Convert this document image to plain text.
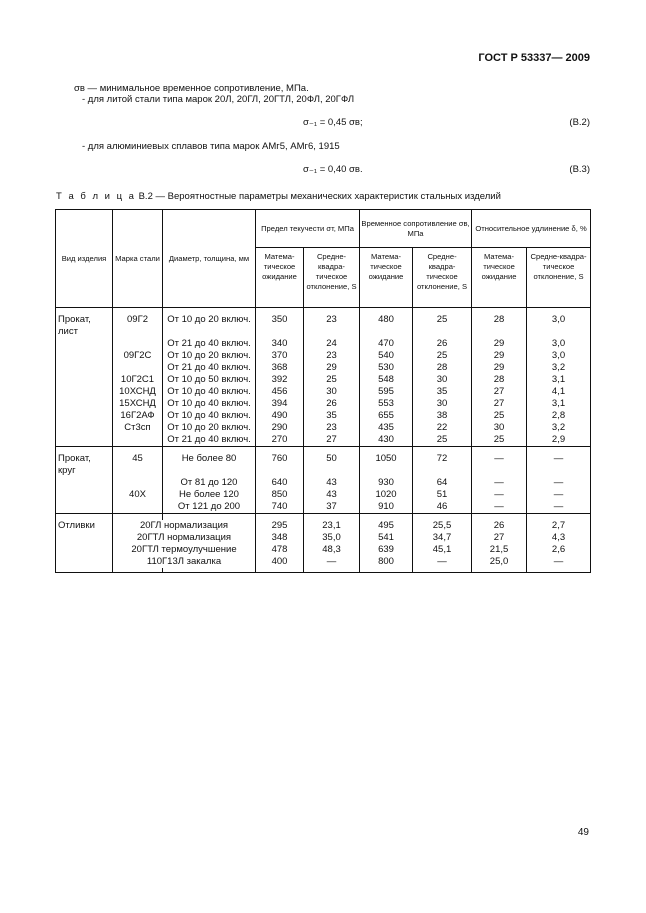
ГОСТ Р 53337— 2009
σв — минимальное временное сопротивление, МПа.
- для литой стали типа марок 20Л, 20ГЛ, 20ГТЛ, 20ФЛ, 20ГФЛ
σ₋₁ = 0,45 σв;	(B.2)
- для алюминиевых сплавов типа марок АМг5, АМг6, 1915
σ₋₁ = 0,40 σв.	(B.3)
Т а б л и ц а В.2 — Вероятностные параметры механических характеристик стальных изделий
Вид изделия	Марка стали	Диаметр, толщина, мм	Предел текучести σт, МПа		Временное сопротивление σв, МПа		Относительное удлинение δ, %	
			Матема-тическое ожидание	Средне-квадра-тическое отклонение, S	Матема-тическое ожидание	Средне-квадра-тическое отклонение, S	Матема-тическое ожидание	Средне-квадра-тическое отклонение, S

Прокат, лист	09Г2	От 10 до 20 включ.	350	23	480	25	28	3,0
		От 21 до 40 включ.	340	24	470	26	29	3,0
	09Г2С	От 10 до 20 включ.	370	23	540	25	29	3,0
		От 21 до 40 включ.	368	29	530	28	29	3,2
	10Г2С1	От 10 до 50 включ.	392	25	548	30	28	3,1
	10ХСНД	От 10 до 40 включ.	456	30	595	35	27	4,1
	15ХСНД	От 10 до 40 включ.	394	26	553	30	27	3,1
	16Г2АФ	От 10 до 40 включ.	490	35	655	38	25	2,8
	Ст3сп	От 10 до 20 включ.	290	23	435	22	30	3,2
		От 21 до 40 включ.	270	27	430	25	25	2,9

Прокат, круг	45	Не более 80	760	50	1050	72	—	—
		От 81 до 120	640	43	930	64	—	—
	40Х	Не более 120	850	43	1020	51	—	—
		От 121 до 200	740	37	910	46	—	—

Отливки	20ГЛ нормализация		295	23,1	495	25,5	26	2,7
	20ГТЛ нормализация		348	35,0	541	34,7	27	4,3
	20ГТЛ термоулучшение		478	48,3	639	45,1	21,5	2,6
	110Г13Л закалка		400	—	800	—	25,0	—

49
